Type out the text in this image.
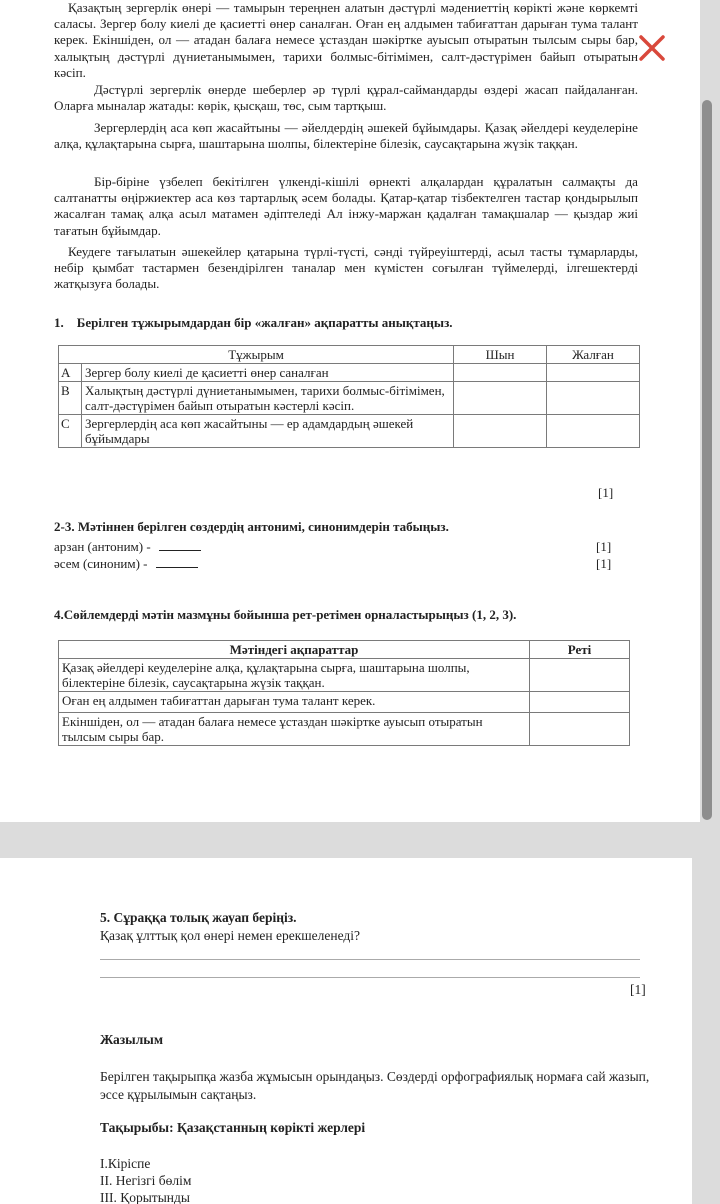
Қазақтың зергерлік өнері — тамырын тереңнен алатын дәстүрлі мәдениеттің көрікті және көркемті саласы. Зергер болу киелі де қасиетті өнер саналған. Оған ең алдымен табиғаттан дарыған тума талант керек. Екіншіден, ол — атадан балаға немесе ұстаздан шәкіртке ауысып отыратын тылсым сыры бар, халықтың дәстүрлі дүниетанымымен, тарихи болмыс-бітімімен, салт-дәстүрімен байып отыратын кәсіп.

Дәстүрлі зергерлік өнерде шеберлер әр түрлі құрал-саймандарды өздері жасап пайдаланған. Оларға мыналар жатады: көрік, қысқаш, төс, сым тартқыш.

Зергерлердің аса көп жасайтыны — әйелдердің әшекей бұйымдары. Қазақ әйелдері кеуделеріне алқа, құлақтарына сырға, шаштарына шолпы, білектеріне білезік, саусақтарына жүзік таққан.

Бір-біріне үзбелеп бекітілген үлкенді-кішілі өрнекті алқалардан құралатын салмақты да салтанатты өңіржиектер аса көз тартарлық әсем болады. Қатар-қатар тізбектелген тастар қондырылып жасалған тамақ алқа асыл матамен әдіптеледі Ал інжу-маржан қадалған тамақшалар — қыздар жиі тағатын бұйымдар.

Кеудеге тағылатын әшекейлер қатарына түрлі-түсті, сәнді түйреуіштерді, асыл тасты тұмарларды, небір қымбат тастармен безендірілген таналар мен күмістен соғылған түймелерді, ілгешектерді жатқызуға болады.

1. Берілген тұжырымдардан бір «жалған» ақпаратты анықтаңыз.

Тұжырым		Шын	Жалған
A	Зергер болу киелі де қасиетті өнер саналған		
B	Халықтың дәстүрлі дүниетанымымен, тарихи болмыс-бітімімен, салт-дәстүрімен байып отыратын кәстерлі кәсіп.		
C	Зергерлердің аса көп жасайтыны — ер адамдардың әшекей бұйымдары		
[1]

2-3. Мәтіннен берілген сөздердің антонимі, синонимдерін табыңыз.

арзан (антоним) -
әсем (синоним) -
[1]
[1]

4.Сөйлемдерді мәтін мазмұны бойынша рет-ретімен орналастырыңыз (1, 2, 3).

Мәтіндегі ақпараттар	Реті
Қазақ әйелдері кеуделеріне алқа, құлақтарына сырға, шаштарына шолпы, білектеріне білезік, саусақтарына жүзік таққан.	
Оған ең алдымен табиғаттан дарыған тума талант керек.	
Екіншіден, ол — атадан балаға немесе ұстаздан шәкіртке ауысып отыратын тылсым сыры бар.	

5. Сұраққа толық жауап беріңіз.

Қазақ ұлттық қол өнері немен ерекшеленеді?

[1]

Жазылым

Берілген тақырыпқа жазба жұмысын орындаңыз. Сөздерді орфографиялық нормаға сай жазып, эссе құрылымын сақтаңыз.

Тақырыбы: Қазақстанның көрікті жерлері

I.Кіріспе

II. Негізгі бөлім

III. Қорытынды
